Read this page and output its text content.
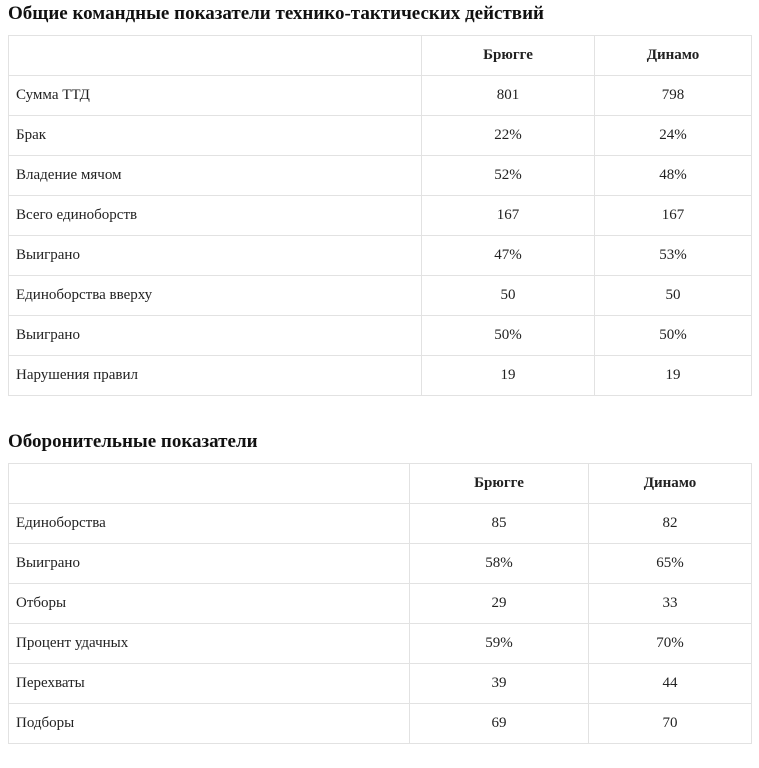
Общие командные показатели технико-тактических действий
	Брюгге	Динамо
Сумма ТТД	801	798
Брак	22%	24%
Владение мячом	52%	48%
Всего единоборств	167	167
Выиграно	47%	53%
Единоборства вверху	50	50
Выиграно	50%	50%
Нарушения правил	19	19
Оборонительные показатели
	Брюгге	Динамо
Единоборства	85	82
Выиграно	58%	65%
Отборы	29	33
Процент удачных	59%	70%
Перехваты	39	44
Подборы	69	70
